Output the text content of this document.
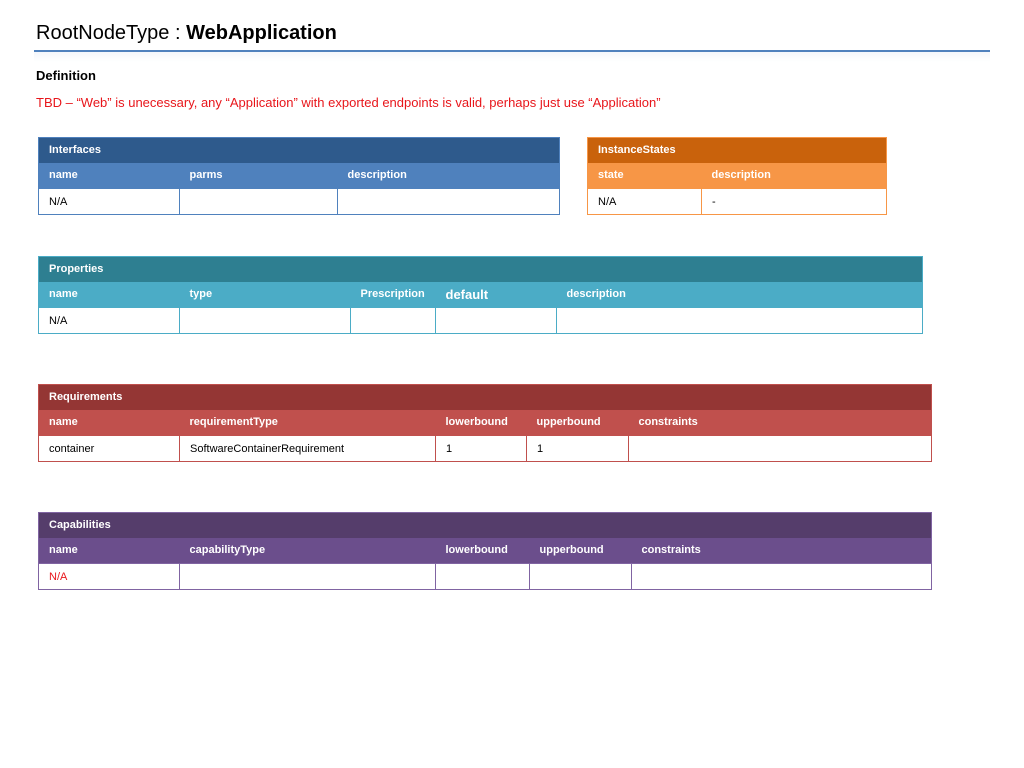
RootNodeType : WebApplication
Definition
TBD – “Web” is unecessary, any “Application” with exported endpoints is valid, perhaps just use “Application”
Interfaces		
name	parms	description
N/A		
InstanceStates	
state	description
N/A	-
Properties				
name	type	Prescription	default	description
N/A				
Requirements				
name	requirementType	lowerbound	upperbound	constraints
container	SoftwareContainerRequirement	1	1	
Capabilities				
name	capabilityType	lowerbound	upperbound	constraints
N/A				
